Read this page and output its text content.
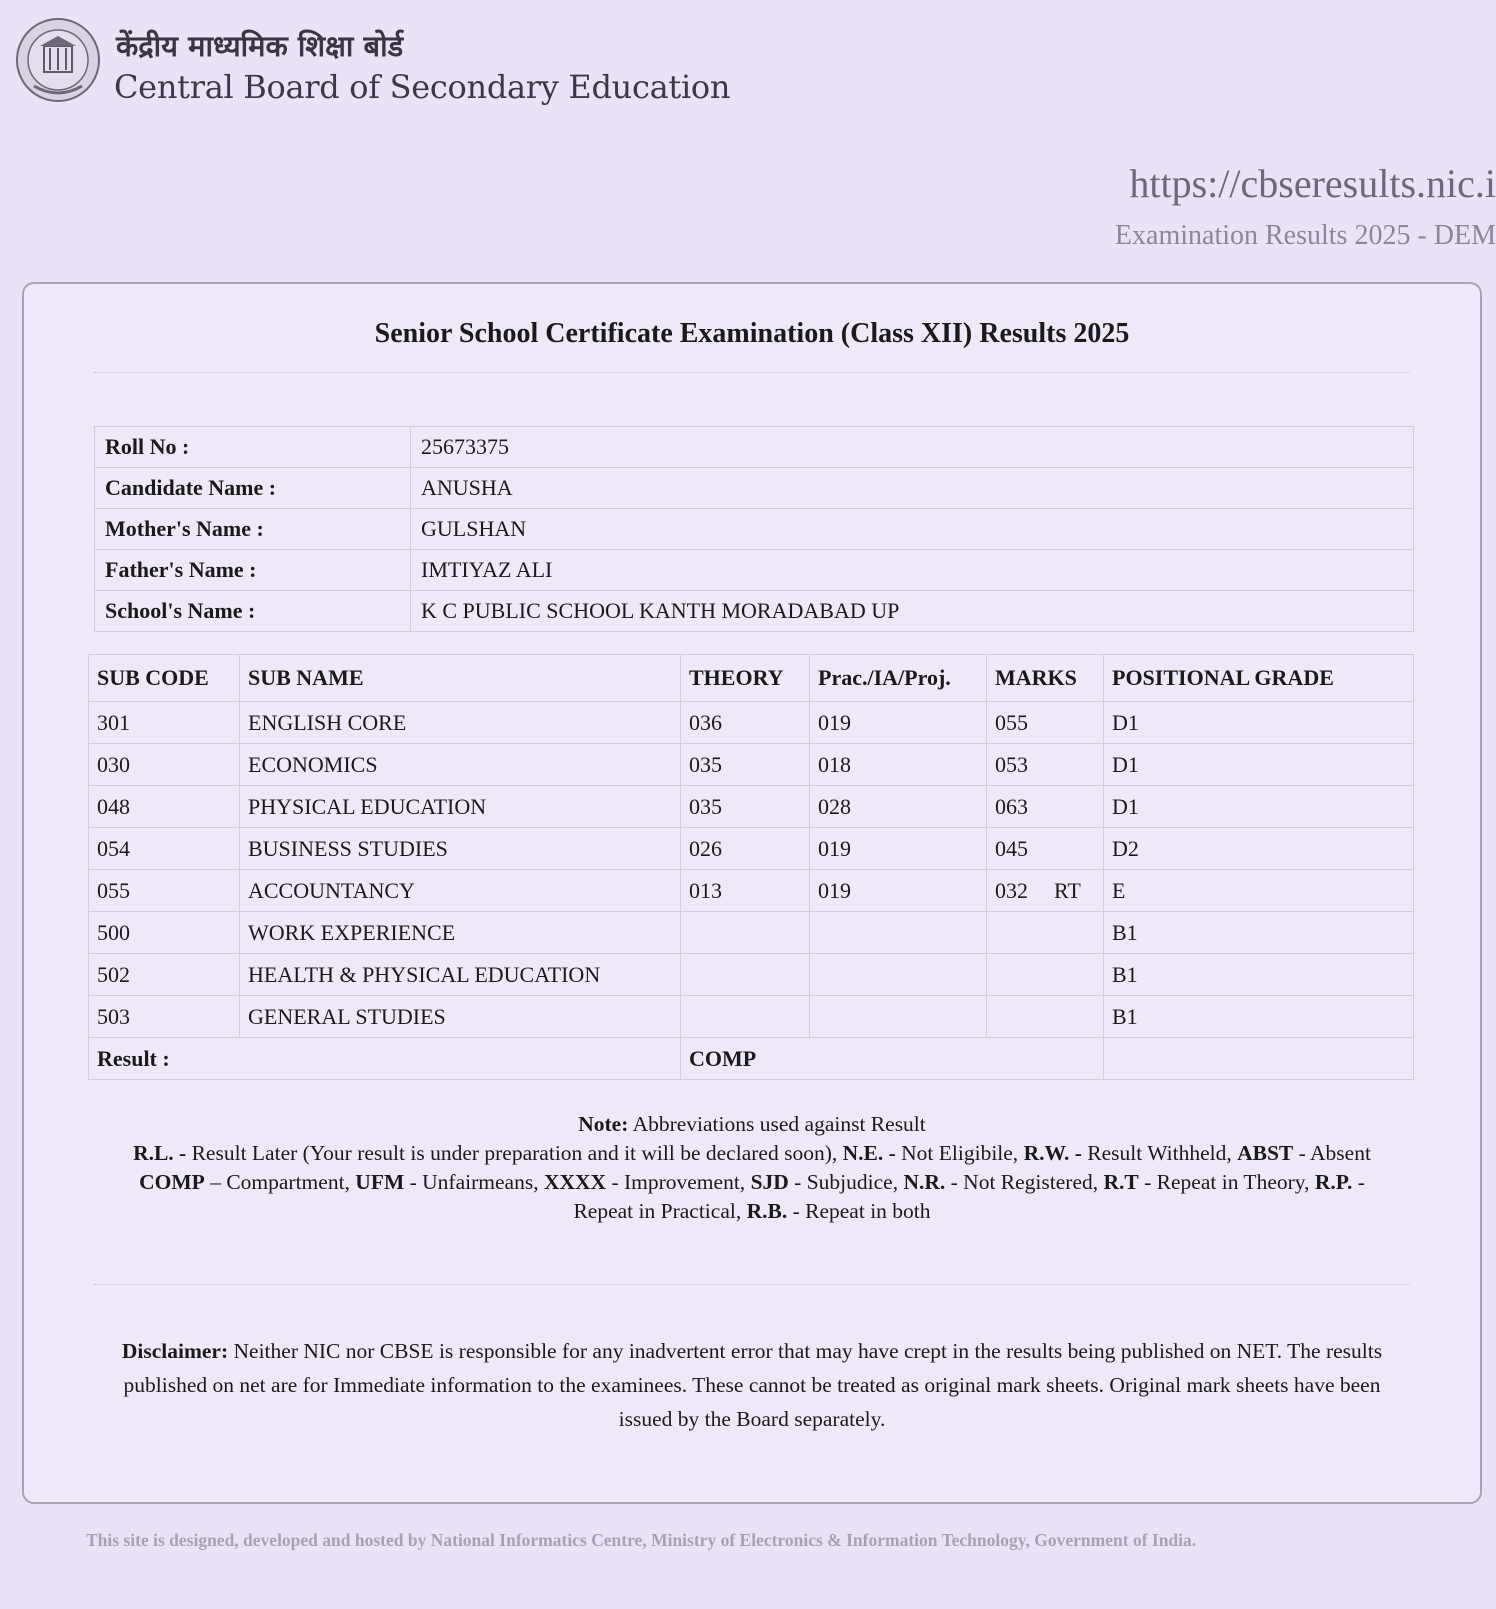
केंद्रीय माध्यमिक शिक्षा बोर्ड
Central Board of Secondary Education
https://cbseresults.nic.i
Examination Results 2025 - DEM
Senior School Certificate Examination (Class XII) Results 2025
Roll No :	25673375
Candidate Name :	ANUSHA
Mother's Name :	GULSHAN
Father's Name :	IMTIYAZ ALI
School's Name :	K C PUBLIC SCHOOL KANTH MORADABAD UP
SUB CODE	SUB NAME	THEORY	Prac./IA/Proj.	MARKS	POSITIONAL GRADE
301	ENGLISH CORE	036	019	055	D1
030	ECONOMICS	035	018	053	D1
048	PHYSICAL EDUCATION	035	028	063	D1
054	BUSINESS STUDIES	026	019	045	D2
055	ACCOUNTANCY	013	019	032 RT	E
500	WORK EXPERIENCE				B1
502	HEALTH & PHYSICAL EDUCATION				B1
503	GENERAL STUDIES				B1
Result :		COMP			
Note: Abbreviations used against Result
R.L. - Result Later (Your result is under preparation and it will be declared soon), N.E. - Not Eligibile, R.W. - Result Withheld, ABST - Absent
COMP – Compartment, UFM - Unfairmeans, XXXX - Improvement, SJD - Subjudice, N.R. - Not Registered, R.T - Repeat in Theory, R.P. - Repeat in Practical, R.B. - Repeat in both
Disclaimer: Neither NIC nor CBSE is responsible for any inadvertent error that may have crept in the results being published on NET. The results published on net are for Immediate information to the examinees. These cannot be treated as original mark sheets. Original mark sheets have been issued by the Board separately.
This site is designed, developed and hosted by National Informatics Centre, Ministry of Electronics & Information Technology, Government of India.
